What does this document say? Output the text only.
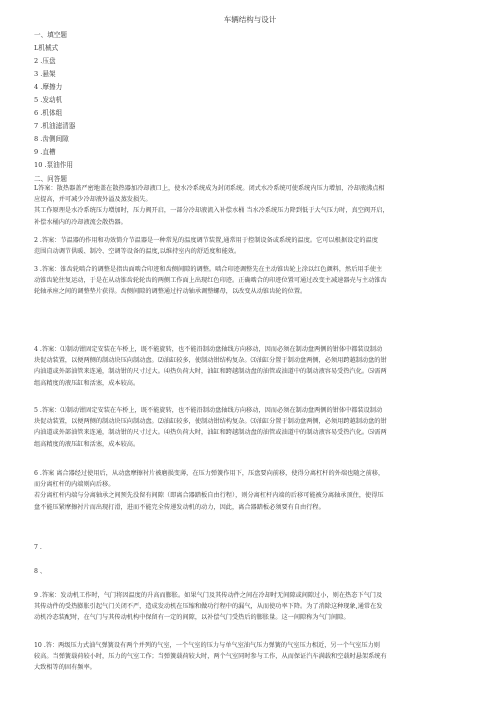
车辆结构与设计
一、填空题
L机械式
2 .压盘
3 .悬架
4 .摩擦力
5 .发动机
6 .机体组
7 .机油滤清器
8 .齿侧间隙
9 .直槽
10 .泵油作用
二、问答题
L答案：散热器盖严密地盖在散热器加冷却液口上，使水冷系统成为封闭系统。闭式水冷系统可使系统内压力增加，冷却液沸点相
应提高，并可减少冷却液外溢及蒸发损失。
其工作原理是水冷系统压力增加时，压力阀开启，一部分冷却液流入补偿水桶 当水冷系统压力降到低于大气压力时，真空阀开启，
补偿水桶内的冷却液流会散热器。
2 .答案：节温器的作用和功效简介节温器是一种常见的温度调节装置,通常用于控制设备或系统的温度。它可以根据设定的温度
范围自动调节供暖、制冷、空调等设备的温度,以维持室内的舒适度和能效。
3 .答案：锥齿轮啮合的调整是指齿面啮合印迹和齿侧间隙的调整。啮合印迹调整先在主动锥齿轮上涂以红色颜料，然后用手使主
动锥齿轮往复运动，于是在从动锥齿轮轮齿的两侧工作面上出现红色印迹。正确啮合的印迹位置可通过改变主减速器壳与主动锥齿
轮轴承座之间的调整垫片获得。齿侧间隙的调整通过拧动轴承调整螺母，以改变从动锥齿轮的位置。
4 .答案：⑴制动钳固定安装在车桥上，既不能旋转，也不能沿制动盘轴线方向移动，因而必须在制动盘两侧的钳体中都装设制动
块促动装置，以便两侧的制动块压向制动盘。⑵油缸较多，使制动钳结构复杂。⑶油缸分置于制动盘两侧，必须用跨越制动盘的钳
内油道或外部油管来连通，制动钳的尺寸过大。⑷热负荷大时，油缸和跨越制动盘的油管或油道中的制动液容易受热汽化。⑸需两
组高精度的液压缸和活塞，成本较高。
5 .答案：⑴制动钳固定安装在车桥上，既不能旋转，也不能沿制动盘轴线方向移动，因而必须在制动盘两侧的钳体中都装设制动
块促动装置，以便两侧的制动块压向制动盘。⑵油缸较多，使制动钳结构复杂。⑶油缸分置于制动盘两侧，必须用跨越制动盘的钳
内油道或外部油管来连通，制动钳的尺寸过大。⑷热负荷大时，油缸和跨越制动盘的油管或油道中的制动液容易受热汽化。⑸需两
组高精度的液压缸和活塞，成本较高。
6 .答案 离合器经过使用后，从动盘摩擦衬片被磨损变薄，在压力弹簧作用下，压盘要向前移，使得分离杠杆的外端也随之前移，
而分离杠杆的内端则向后移。
若分离杠杆内端与分离轴承之间预先没留有间隙（即离合器踏板自由行程），则分离杠杆内端的后移可能被分离轴承顶住，使得压
盘不能压紧摩擦衬片而出现打滑，进而不能完全传递发动机的动力，因此，离合器踏板必须要有自由行程。
7 .
8 、
9 .答案：发动机工作时，气门将因温度的升高而膨胀。如果气门及其传动件之间在冷却时无间隙或间隙过小，则在热态下气门及
其传动件的受热膨胀引起气门关闭不严，造成发动机在压缩和做功行程中的漏气，从而使功率下降。为了消除这种现象,通常在发
动机冷态装配时，在气门与其传动机构中保留有一定的间隙，以补偿气门受热后的膨胀量。这一间隙称为气门间隙。
10 .答：两级压力式油气弹簧设有两个并列的气室，一个气室的压力与单气室油气压力弹簧的气室压力相近，另一个气室压力则
较高。当弹簧载荷较小时，压力的气室工作；当弹簧载荷较大时，两个气室同时参与工作，从而保证汽车满载和空载时悬架系统有
大致相等的固有频率。
